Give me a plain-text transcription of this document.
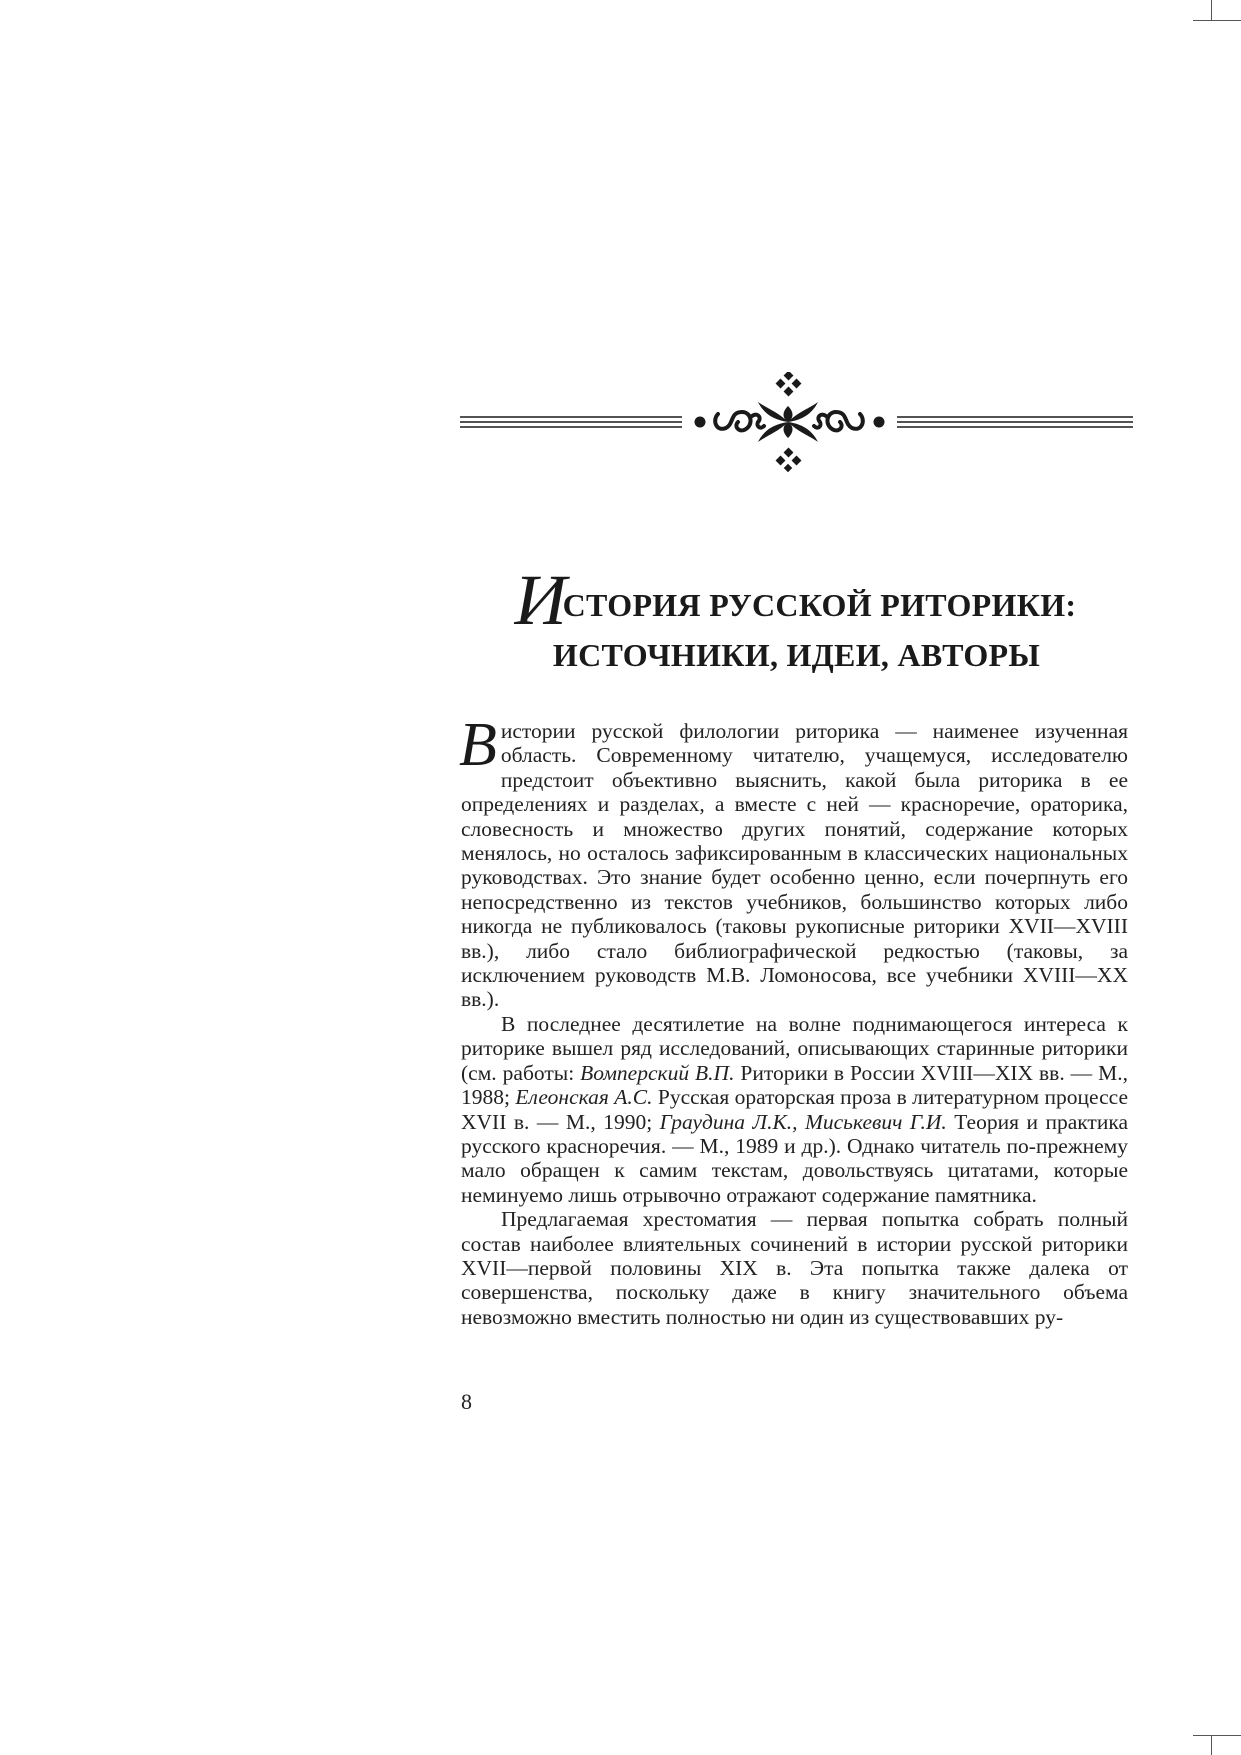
ИСТОРИЯ РУССКОЙ РИТОРИКИ:
ИСТОЧНИКИ, ИДЕИ, АВТОРЫ

Вистории русской филологии риторика — наименее изученная область. Современному читателю, учащемуся, исследователю предстоит объективно выяснить, какой была риторика в ее определениях и разделах, а вместе с ней — красноречие, ораторика, словесность и множество других понятий, содержание которых менялось, но осталось зафиксированным в классических национальных руководствах. Это знание будет особенно ценно, если почерпнуть его непосредственно из текстов учебников, большинство которых либо никогда не публиковалось (таковы рукописные риторики XVII—XVIII вв.), либо стало библиографической редкостью (таковы, за исключением руководств М.В. Ломоносова, все учебники XVIII—XX вв.).

В последнее десятилетие на волне поднимающегося интереса к риторике вышел ряд исследований, описывающих старинные риторики (см. работы: Вомперский В.П. Риторики в России XVIII—XIX вв. — М., 1988; Елеонская А.С. Русская ораторская проза в литературном процессе XVII в. — М., 1990; Граудина Л.К., Миськевич Г.И. Теория и практика русского красноречия. — М., 1989 и др.). Однако читатель по-прежнему мало обращен к самим текстам, довольствуясь цитатами, которые неминуемо лишь отрывочно отражают содержание памятника.

Предлагаемая хрестоматия — первая попытка собрать полный состав наиболее влиятельных сочинений в истории русской риторики XVII—первой половины XIX в. Эта попытка также далека от совершенства, поскольку даже в книгу значительного объема невозможно вместить полностью ни один из существовавших ру-

8
